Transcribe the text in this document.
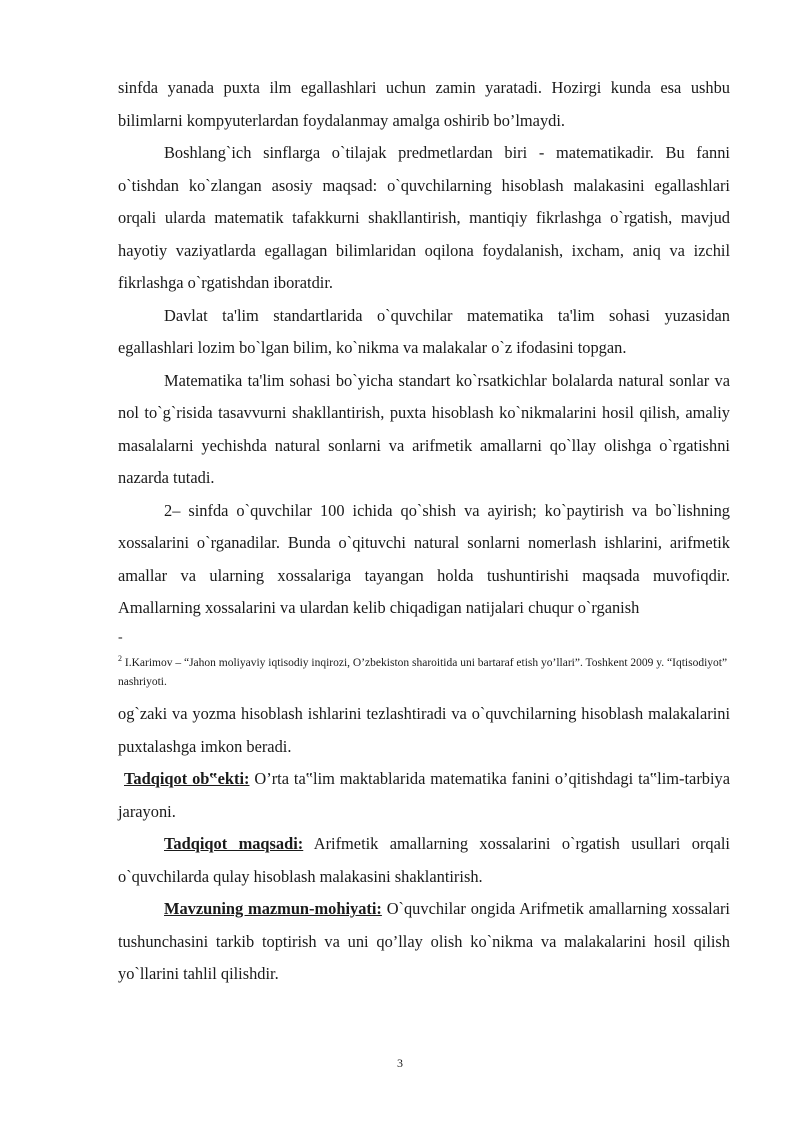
sinfda yanada puxta ilm egallashlari uchun zamin yaratadi. Hozirgi kunda esa ushbu bilimlarni kompyuterlardan foydalanmay amalga oshirib bo’lmaydi.

Boshlang`ich sinflarga o`tilajak predmetlardan biri - matematikadir. Bu fanni o`tishdan ko`zlangan asosiy maqsad: o`quvchilarning hisoblash malakasini egallashlari orqali ularda matematik tafakkurni shakllantirish, mantiqiy fikrlashga o`rgatish, mavjud hayotiy vaziyatlarda egallagan bilimlaridan oqilona foydalanish, ixcham, aniq va izchil fikrlashga o`rgatishdan iboratdir.

Davlat ta'lim standartlarida o`quvchilar matematika ta'lim sohasi yuzasidan egallashlari lozim bo`lgan bilim, ko`nikma va malakalar o`z ifodasini topgan.

Matematika ta'lim sohasi bo`yicha standart ko`rsatkichlar bolalarda natural sonlar va nol to`g`risida tasavvurni shakllantirish, puxta hisoblash ko`nikmalarini hosil qilish, amaliy masalalarni yechishda natural sonlarni va arifmetik amallarni qo`llay olishga o`rgatishni nazarda tutadi.

2– sinfda o`quvchilar 100 ichida qo`shish va ayirish; ko`paytirish va bo`lishning xossalarini o`rganadilar. Bunda o`qituvchi natural sonlarni nomerlash ishlarini, arifmetik amallar va ularning xossalariga tayangan holda tushuntirishi maqsada muvofiqdir. Amallarning xossalarini va ulardan kelib chiqadigan natijalari chuqur o`rganish

-
$^2$ I.Karimov – “Jahon moliyaviy iqtisodiy inqirozi, O’zbekiston sharoitida uni bartaraf etish yo’llari”. Toshkent 2009 y. “Iqtisodiyot” nashriyoti.

og`zaki va yozma hisoblash ishlarini tezlashtiradi va o`quvchilarning hisoblash malakalarini puxtalashga imkon beradi.

Tadqiqot ob‟ekti: O’rta ta‟lim maktablarida matematika fanini o’qitishdagi ta‟lim-tarbiya jarayoni.

Tadqiqot maqsadi: Arifmetik amallarning xossalarini o`rgatish usullari orqali o`quvchilarda qulay hisoblash malakasini shaklantirish.

Mavzuning mazmun-mohiyati: O`quvchilar ongida Arifmetik amallarning xossalari tushunchasini tarkib toptirish va uni qo’llay olish ko`nikma va malakalarini hosil qilish yo`llarini tahlil qilishdir.

3
